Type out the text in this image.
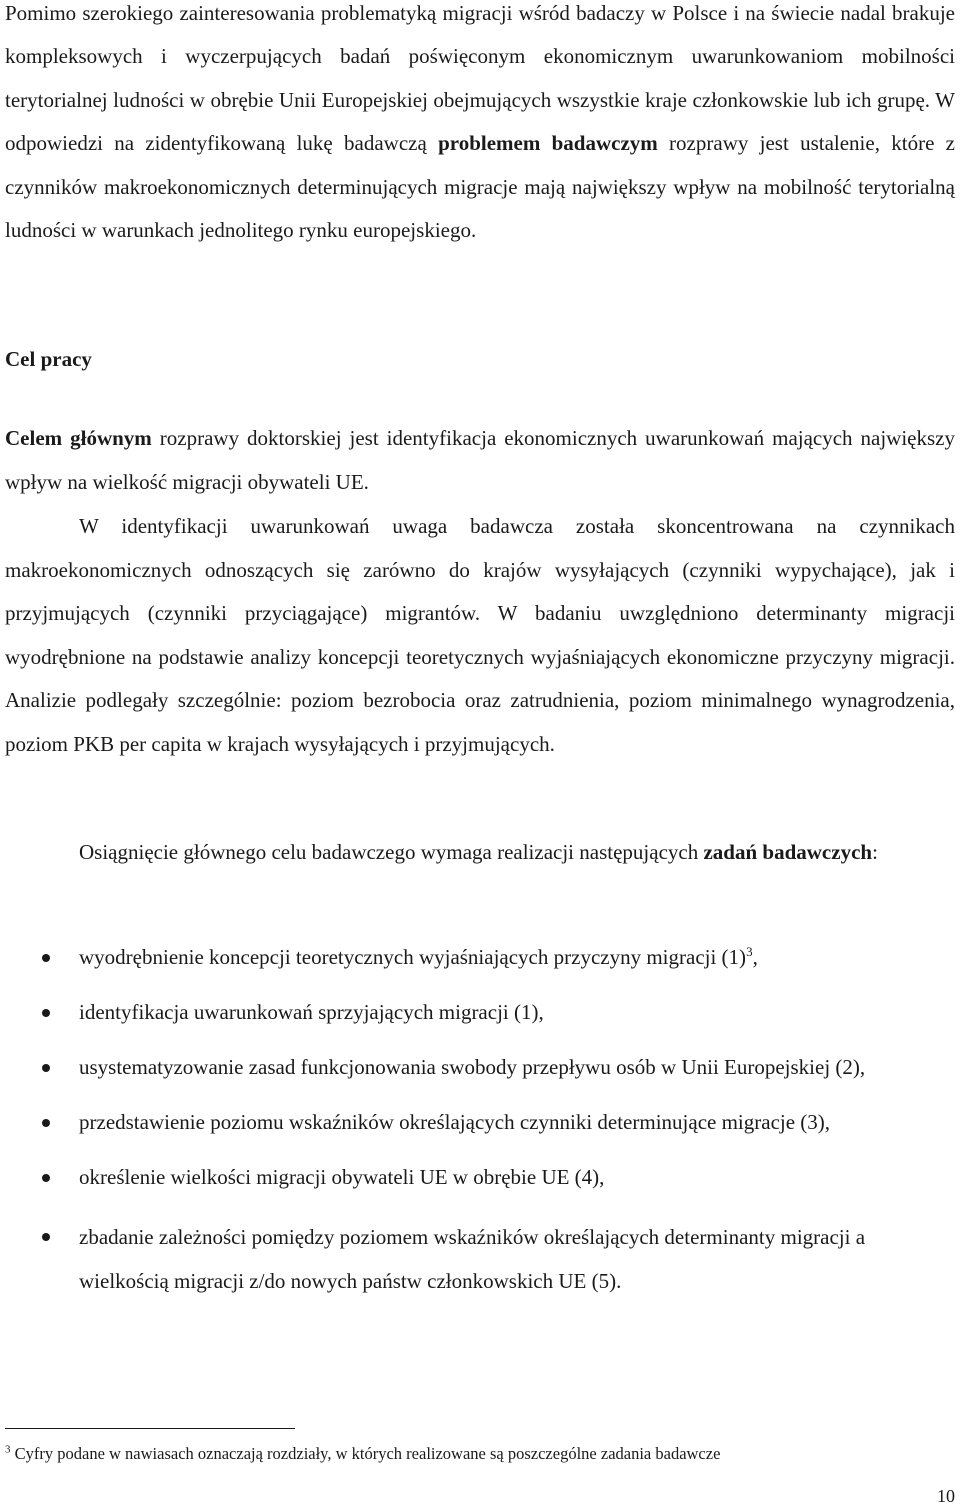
Pomimo szerokiego zainteresowania problematyką migracji wśród badaczy w Polsce i na świecie nadal brakuje kompleksowych i wyczerpujących badań poświęconym ekonomicznym uwarunkowaniom mobilności terytorialnej ludności w obrębie Unii Europejskiej obejmujących wszystkie kraje członkowskie lub ich grupę. W odpowiedzi na zidentyfikowaną lukę badawczą problemem badawczym rozprawy jest ustalenie, które z czynników makroekonomicznych determinujących migracje mają największy wpływ na mobilność terytorialną ludności w warunkach jednolitego rynku europejskiego.

Cel pracy

Celem głównym rozprawy doktorskiej jest identyfikacja ekonomicznych uwarunkowań mających największy wpływ na wielkość migracji obywateli UE.

W identyfikacji uwarunkowań uwaga badawcza została skoncentrowana na czynnikach makroekonomicznych odnoszących się zarówno do krajów wysyłających (czynniki wypychające), jak i przyjmujących (czynniki przyciągające) migrantów. W badaniu uwzględniono determinanty migracji wyodrębnione na podstawie analizy koncepcji teoretycznych wyjaśniających ekonomiczne przyczyny migracji. Analizie podlegały szczególnie: poziom bezrobocia oraz zatrudnienia, poziom minimalnego wynagrodzenia, poziom PKB per capita w krajach wysyłających i przyjmujących.

Osiągnięcie głównego celu badawczego wymaga realizacji następujących zadań badawczych:

wyodrębnienie koncepcji teoretycznych wyjaśniających przyczyny migracji $(1)^3$,
identyfikacja uwarunkowań sprzyjających migracji (1),
usystematyzowanie zasad funkcjonowania swobody przepływu osób w Unii Europejskiej (2),
przedstawienie poziomu wskaźników określających czynniki determinujące migracje (3),
określenie wielkości migracji obywateli UE w obrębie UE (4),
zbadanie zależności pomiędzy poziomem wskaźników określających determinanty migracji a wielkością migracji z/do nowych państw członkowskich UE (5).
$^3$ Cyfry podane w nawiasach oznaczają rozdziały, w których realizowane są poszczególne zadania badawcze
10
